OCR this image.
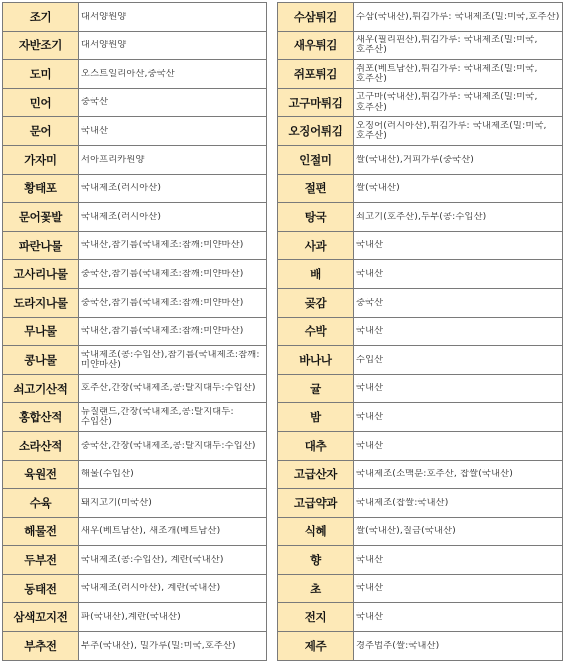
조기	대서양원양

자반조기	대서양원양

도미	오스트일리아산,중국산

민어	중국산

문어	국내산

가자미	서아프리카원양

황태포	국내제조(러시아산)

문어꽃발	국내제조(러시아산)

파란나물	국내산,참기름(국내제조:참깨:미얀마산)

고사리나물	중국산,참기름(국내제조:참깨:미얀마산)

도라지나물	중국산,참기름(국내제조:참깨:미얀마산)

무나물	국내산,참기름(국내제조:참깨:미얀마산)

콩나물	국내제조(콩:수입산),참기름(국내제조:참깨:미얀마산)

쇠고기산적	호주산,간장(국내제조,콩:탈지대두:수입산)

홍합산적	뉴질랜드,간장(국내제조,콩:탈지대두:수입산)

소라산적	중국산,간장(국내제조,콩:탈지대두:수입산)

육원전	해물(수입산)

수육	돼지고기(미국산)

해물전	새우(베트남산), 새조개(베트남산)

두부전	국내제조(콩:수입산), 계란(국내산)

동태전	국내제조(러시아산), 계란(국내산)

삼색꼬지전	파(국내산),계란(국내산)

부추전	부추(국내산), 밀가루(밀:미국,호주산)
수삼튀김	수삼(국내산),튀김가루: 국내제조(밀:미국,호주산)

새우튀김	새우(필리핀산),튀김가루: 국내제조(밀:미국,호주산)

쥐포튀김	쥐포(베트남산),튀김가루: 국내제조(밀:미국,호주산)

고구마튀김	고구마(국내산),튀김가루: 국내제조(밀:미국,호주산)

오징어튀김	오징어(러시아산),튀김가루: 국내제조(밀:미국,호주산)

인절미	쌀(국내산),거피가루(중국산)

절편	쌀(국내산)

탕국	쇠고기(호주산),두부(콩:수입산)

사과	국내산

배	국내산

곶감	중국산

수박	국내산

바나나	수입산

귤	국내산

밤	국내산

대추	국내산

고급산자	국내제조(소맥분:호주산, 찹쌀(국내산)

고급약과	국내제조(찹쌀:국내산)

식혜	쌀(국내산),질금(국내산)

향	국내산

초	국내산

전지	국내산

제주	경주법주(쌀:국내산)
